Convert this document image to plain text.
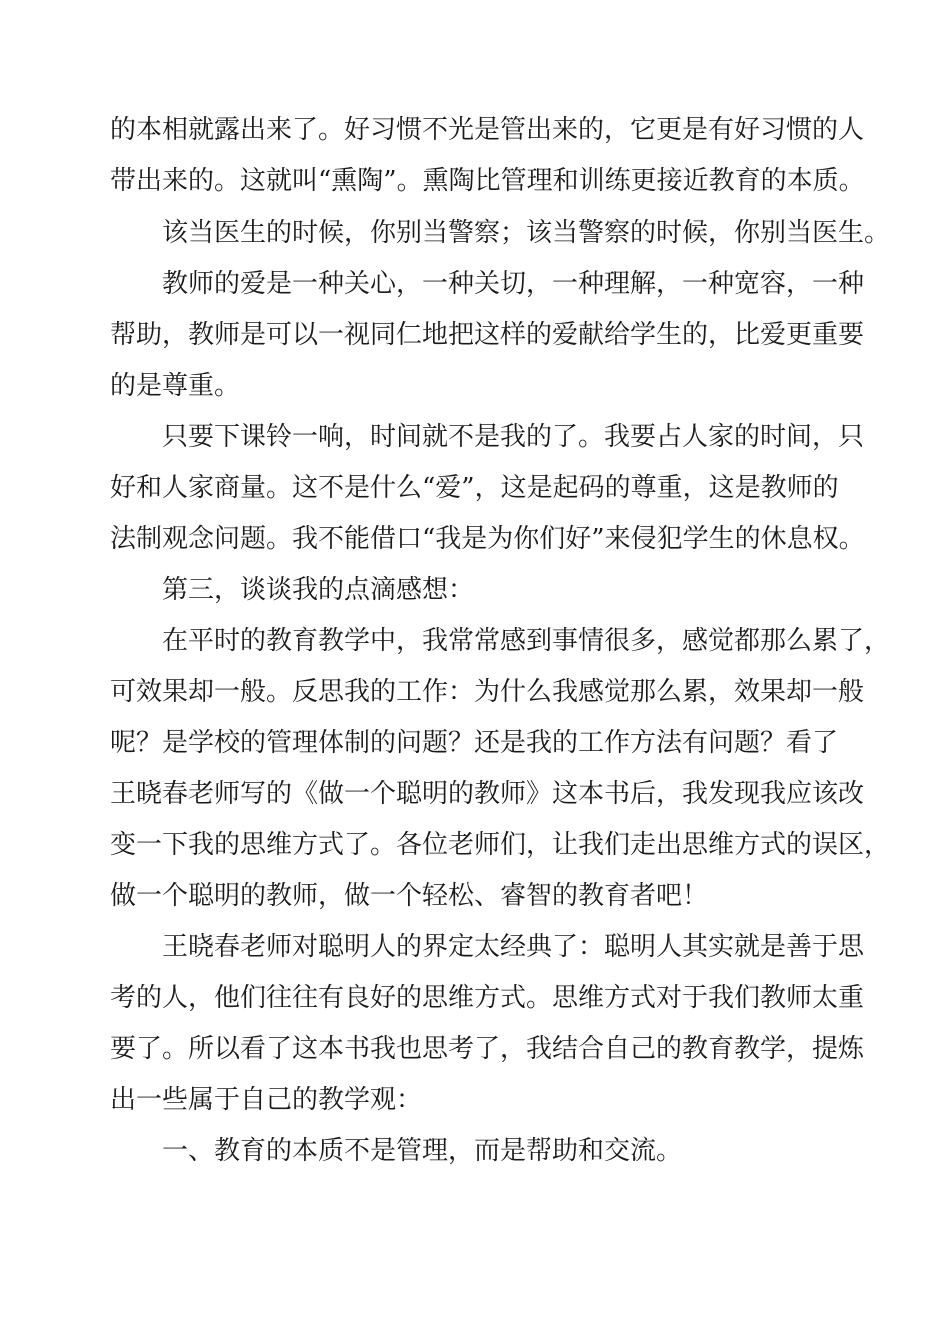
的本相就露出来了。好习惯不光是管出来的，它更是有好习惯的人
带出来的。这就叫“熏陶”。熏陶比管理和训练更接近教育的本质。
该当医生的时候，你别当警察；该当警察的时候，你别当医生。
教师的爱是一种关心，一种关切，一种理解，一种宽容，一种
帮助，教师是可以一视同仁地把这样的爱献给学生的，比爱更重要
的是尊重。
只要下课铃一响，时间就不是我的了。我要占人家的时间，只
好和人家商量。这不是什么“爱”，这是起码的尊重，这是教师的
法制观念问题。我不能借口“我是为你们好”来侵犯学生的休息权。
第三，谈谈我的点滴感想：
在平时的教育教学中，我常常感到事情很多，感觉都那么累了，
可效果却一般。反思我的工作：为什么我感觉那么累，效果却一般
呢？是学校的管理体制的问题？还是我的工作方法有问题？看了
王晓春老师写的《做一个聪明的教师》这本书后，我发现我应该改
变一下我的思维方式了。各位老师们，让我们走出思维方式的误区，
做一个聪明的教师，做一个轻松、睿智的教育者吧！
王晓春老师对聪明人的界定太经典了：聪明人其实就是善于思
考的人，他们往往有良好的思维方式。思维方式对于我们教师太重
要了。所以看了这本书我也思考了，我结合自己的教育教学，提炼
出一些属于自己的教学观：
一、教育的本质不是管理，而是帮助和交流。
